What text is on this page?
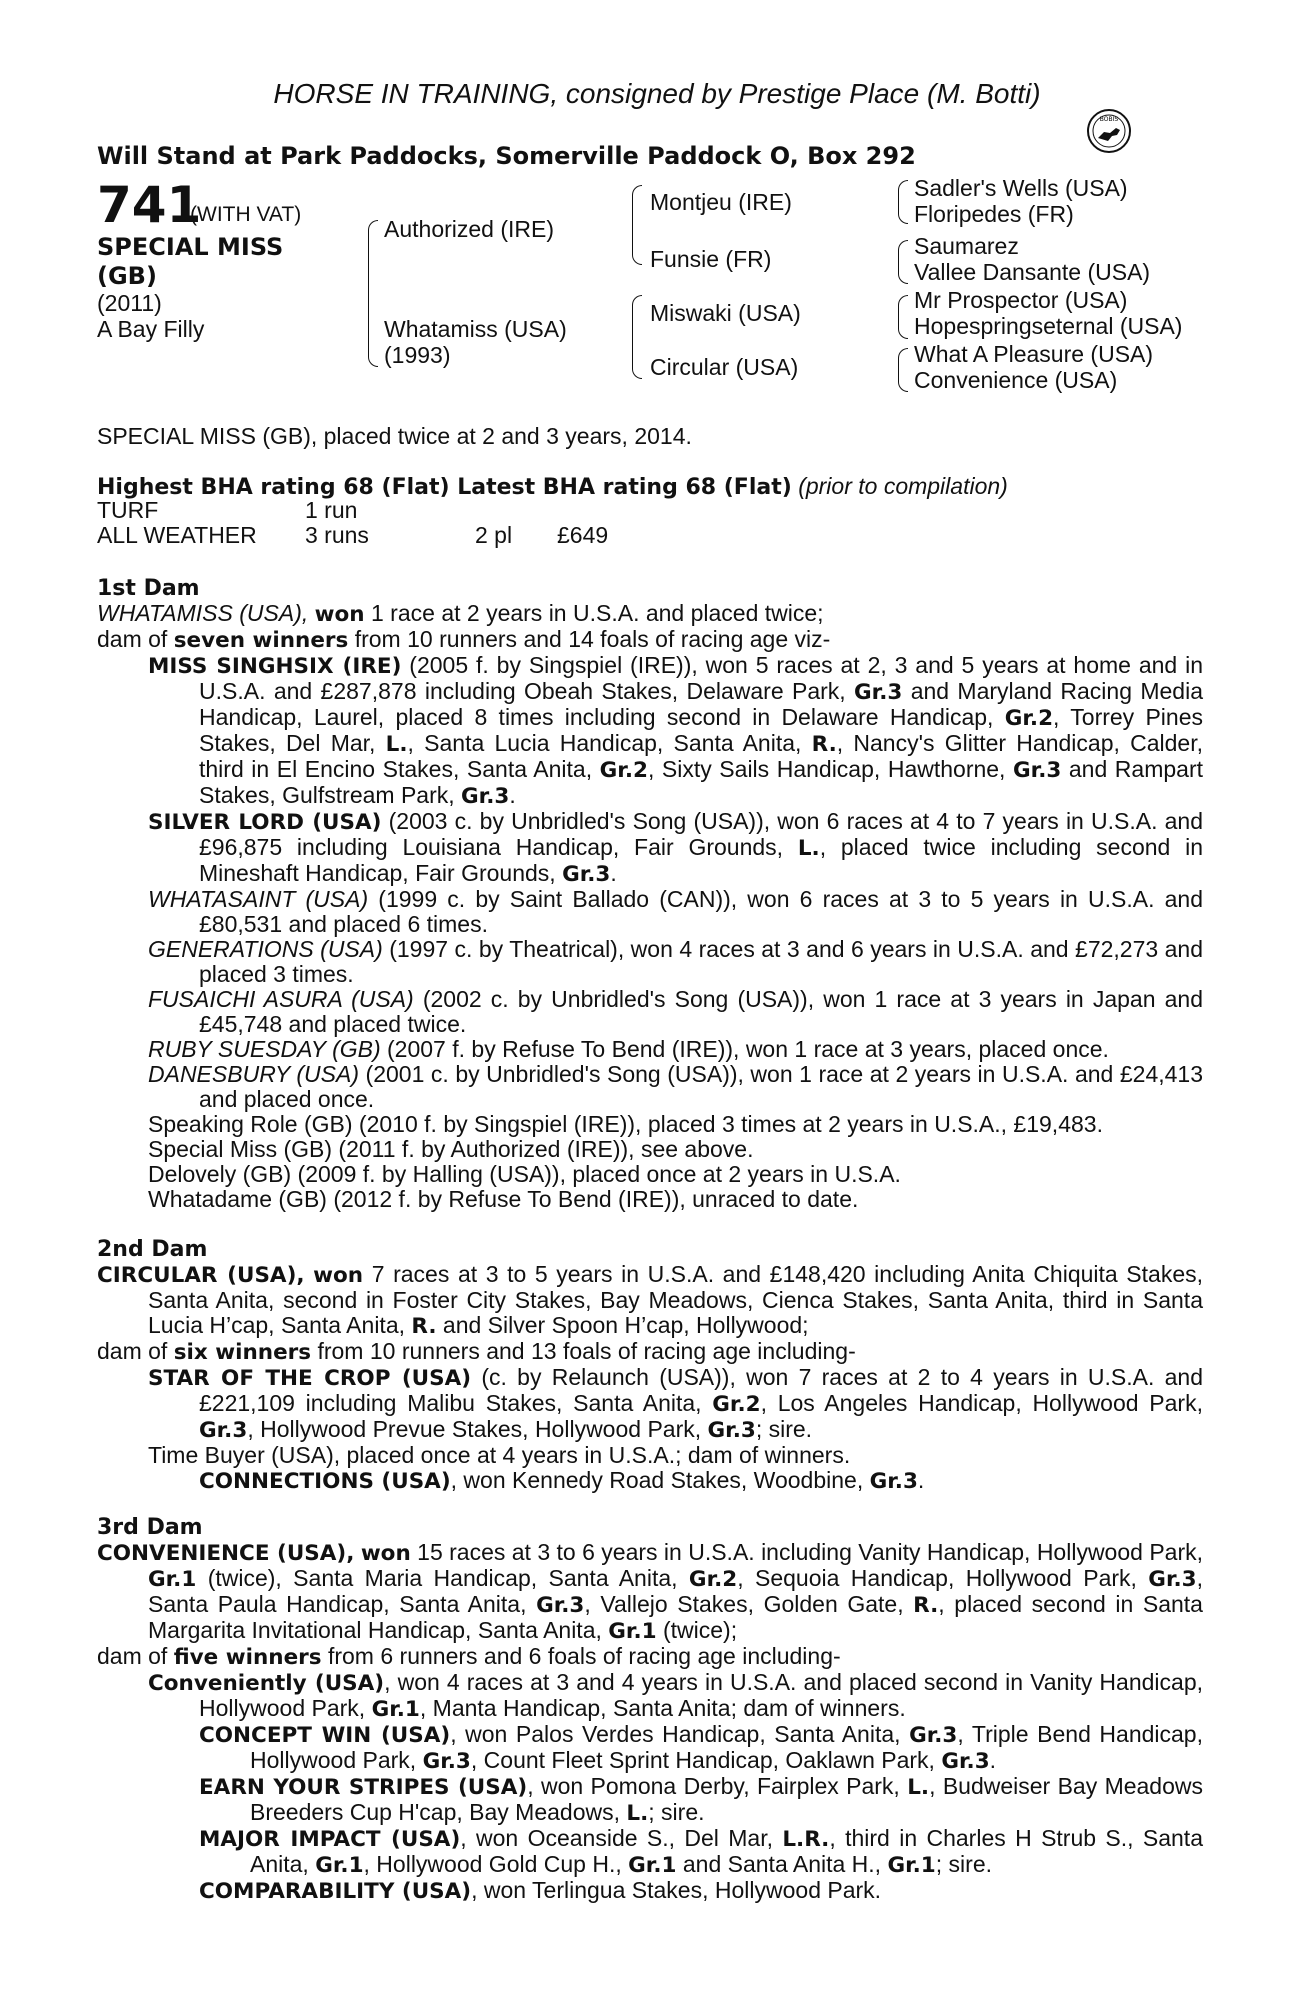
HORSE IN TRAINING, consigned by Prestige Place (M. Botti)
BOBIS
Will Stand at Park Paddocks, Somerville Paddock O, Box 292
741
(WITH VAT)
SPECIAL MISS
(GB)
(2011)
A Bay Filly
Authorized (IRE)
Whatamiss (USA)
(1993)
Montjeu (IRE)
Funsie (FR)
Miswaki (USA)
Circular (USA)
Sadler's Wells (USA)
Floripedes (FR)
Saumarez
Vallee Dansante (USA)
Mr Prospector (USA)
Hopespringseternal (USA)
What A Pleasure (USA)
Convenience (USA)
SPECIAL MISS (GB), placed twice at 2 and 3 years, 2014.
Highest BHA rating 68 (Flat) Latest BHA rating 68 (Flat) (prior to compilation)
TURF	1 run
ALL WEATHER 3 runs	2 pl £649

1st Dam

WHATAMISS (USA), won 1 race at 2 years in U.S.A. and placed twice;

dam of seven winners from 10 runners and 14 foals of racing age viz-

MISS SINGHSIX (IRE) (2005 f. by Singspiel (IRE)), won 5 races at 2, 3 and 5 years at home and in U.S.A. and £287,878 including Obeah Stakes, Delaware Park, Gr.3 and Maryland Racing Media Handicap, Laurel, placed 8 times including second in Delaware Handicap, Gr.2, Torrey Pines Stakes, Del Mar, L., Santa Lucia Handicap, Santa Anita, R., Nancy's Glitter Handicap, Calder, third in El Encino Stakes, Santa Anita, Gr.2, Sixty Sails Handicap, Hawthorne, Gr.3 and Rampart Stakes, Gulfstream Park, Gr.3.

SILVER LORD (USA) (2003 c. by Unbridled's Song (USA)), won 6 races at 4 to 7 years in U.S.A. and £96,875 including Louisiana Handicap, Fair Grounds, L., placed twice including second in Mineshaft Handicap, Fair Grounds, Gr.3.

WHATASAINT (USA) (1999 c. by Saint Ballado (CAN)), won 6 races at 3 to 5 years in U.S.A. and £80,531 and placed 6 times.

GENERATIONS (USA) (1997 c. by Theatrical), won 4 races at 3 and 6 years in U.S.A. and £72,273 and placed 3 times.

FUSAICHI ASURA (USA) (2002 c. by Unbridled's Song (USA)), won 1 race at 3 years in Japan and £45,748 and placed twice.

RUBY SUESDAY (GB) (2007 f. by Refuse To Bend (IRE)), won 1 race at 3 years, placed once.

DANESBURY (USA) (2001 c. by Unbridled's Song (USA)), won 1 race at 2 years in U.S.A. and £24,413 and placed once.

Speaking Role (GB) (2010 f. by Singspiel (IRE)), placed 3 times at 2 years in U.S.A., £19,483.

Special Miss (GB) (2011 f. by Authorized (IRE)), see above.

Delovely (GB) (2009 f. by Halling (USA)), placed once at 2 years in U.S.A.

Whatadame (GB) (2012 f. by Refuse To Bend (IRE)), unraced to date.

2nd Dam

CIRCULAR (USA), won 7 races at 3 to 5 years in U.S.A. and £148,420 including Anita Chiquita Stakes, Santa Anita, second in Foster City Stakes, Bay Meadows, Cienca Stakes, Santa Anita, third in Santa Lucia H’cap, Santa Anita, R. and Silver Spoon H’cap, Hollywood;

dam of six winners from 10 runners and 13 foals of racing age including-

STAR OF THE CROP (USA) (c. by Relaunch (USA)), won 7 races at 2 to 4 years in U.S.A. and £221,109 including Malibu Stakes, Santa Anita, Gr.2, Los Angeles Handicap, Hollywood Park, Gr.3, Hollywood Prevue Stakes, Hollywood Park, Gr.3; sire.

Time Buyer (USA), placed once at 4 years in U.S.A.; dam of winners.

CONNECTIONS (USA), won Kennedy Road Stakes, Woodbine, Gr.3.

3rd Dam

CONVENIENCE (USA), won 15 races at 3 to 6 years in U.S.A. including Vanity Handicap, Hollywood Park, Gr.1 (twice), Santa Maria Handicap, Santa Anita, Gr.2, Sequoia Handicap, Hollywood Park, Gr.3, Santa Paula Handicap, Santa Anita, Gr.3, Vallejo Stakes, Golden Gate, R., placed second in Santa Margarita Invitational Handicap, Santa Anita, Gr.1 (twice);

dam of five winners from 6 runners and 6 foals of racing age including-

Conveniently (USA), won 4 races at 3 and 4 years in U.S.A. and placed second in Vanity Handicap, Hollywood Park, Gr.1, Manta Handicap, Santa Anita; dam of winners.

CONCEPT WIN (USA), won Palos Verdes Handicap, Santa Anita, Gr.3, Triple Bend Handicap, Hollywood Park, Gr.3, Count Fleet Sprint Handicap, Oaklawn Park, Gr.3.

EARN YOUR STRIPES (USA), won Pomona Derby, Fairplex Park, L., Budweiser Bay Meadows Breeders Cup H'cap, Bay Meadows, L.; sire.

MAJOR IMPACT (USA), won Oceanside S., Del Mar, L.R., third in Charles H Strub S., Santa Anita, Gr.1, Hollywood Gold Cup H., Gr.1 and Santa Anita H., Gr.1; sire.

COMPARABILITY (USA), won Terlingua Stakes, Hollywood Park.
